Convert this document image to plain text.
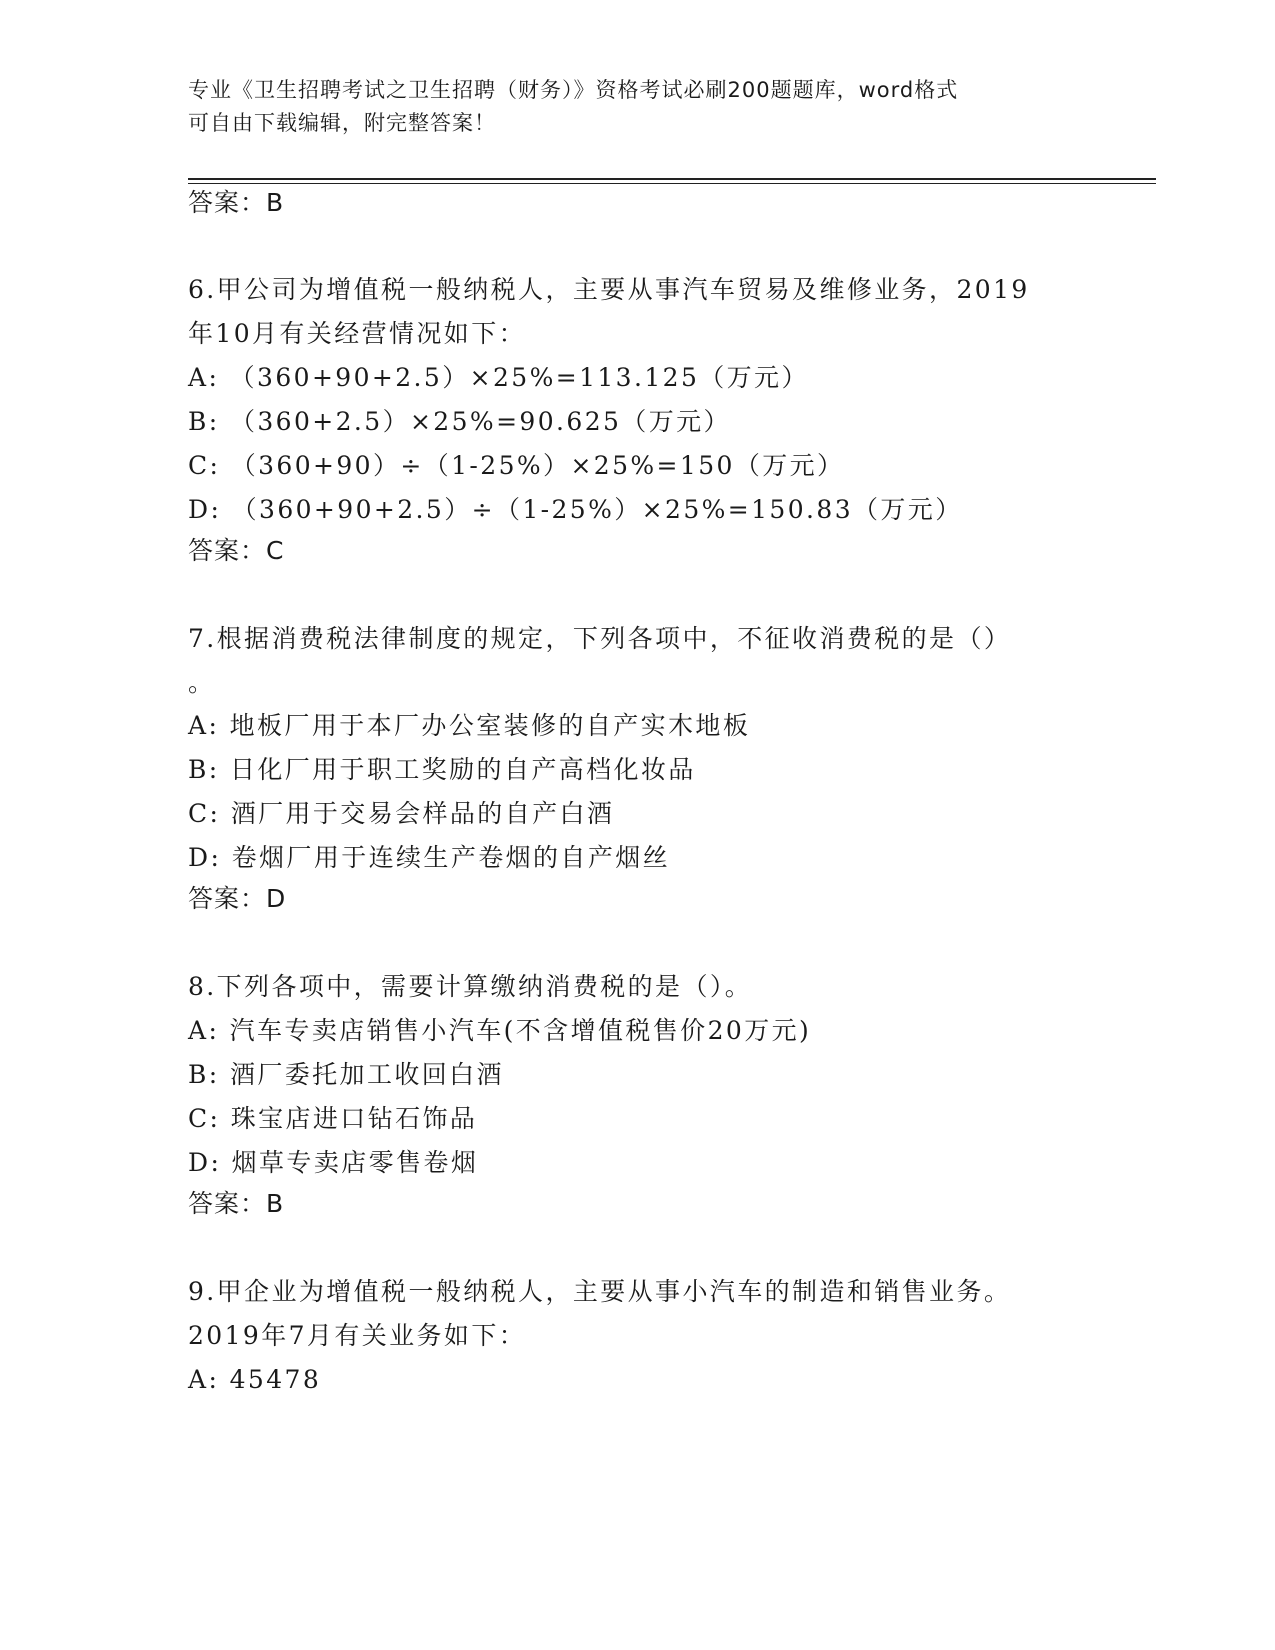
专业《卫生招聘考试之卫生招聘（财务）》资格考试必刷200题题库，word格式
可自由下载编辑，附完整答案！
答案：B
6.甲公司为增值税一般纳税人，主要从事汽车贸易及维修业务，2019
年10月有关经营情况如下：
A: （360+90+2.5）×25%=113.125（万元）
B: （360+2.5）×25%=90.625（万元）
C: （360+90）÷（1-25%）×25%=150（万元）
D: （360+90+2.5）÷（1-25%）×25%=150.83（万元）
答案：C
7.根据消费税法律制度的规定，下列各项中，不征收消费税的是（）
。
A: 地板厂用于本厂办公室装修的自产实木地板
B: 日化厂用于职工奖励的自产高档化妆品
C: 酒厂用于交易会样品的自产白酒
D: 卷烟厂用于连续生产卷烟的自产烟丝
答案：D
8.下列各项中，需要计算缴纳消费税的是（）。
A: 汽车专卖店销售小汽车(不含增值税售价20万元)
B: 酒厂委托加工收回白酒
C: 珠宝店进口钻石饰品
D: 烟草专卖店零售卷烟
答案：B
9.甲企业为增值税一般纳税人，主要从事小汽车的制造和销售业务。
2019年7月有关业务如下：
A: 45478
